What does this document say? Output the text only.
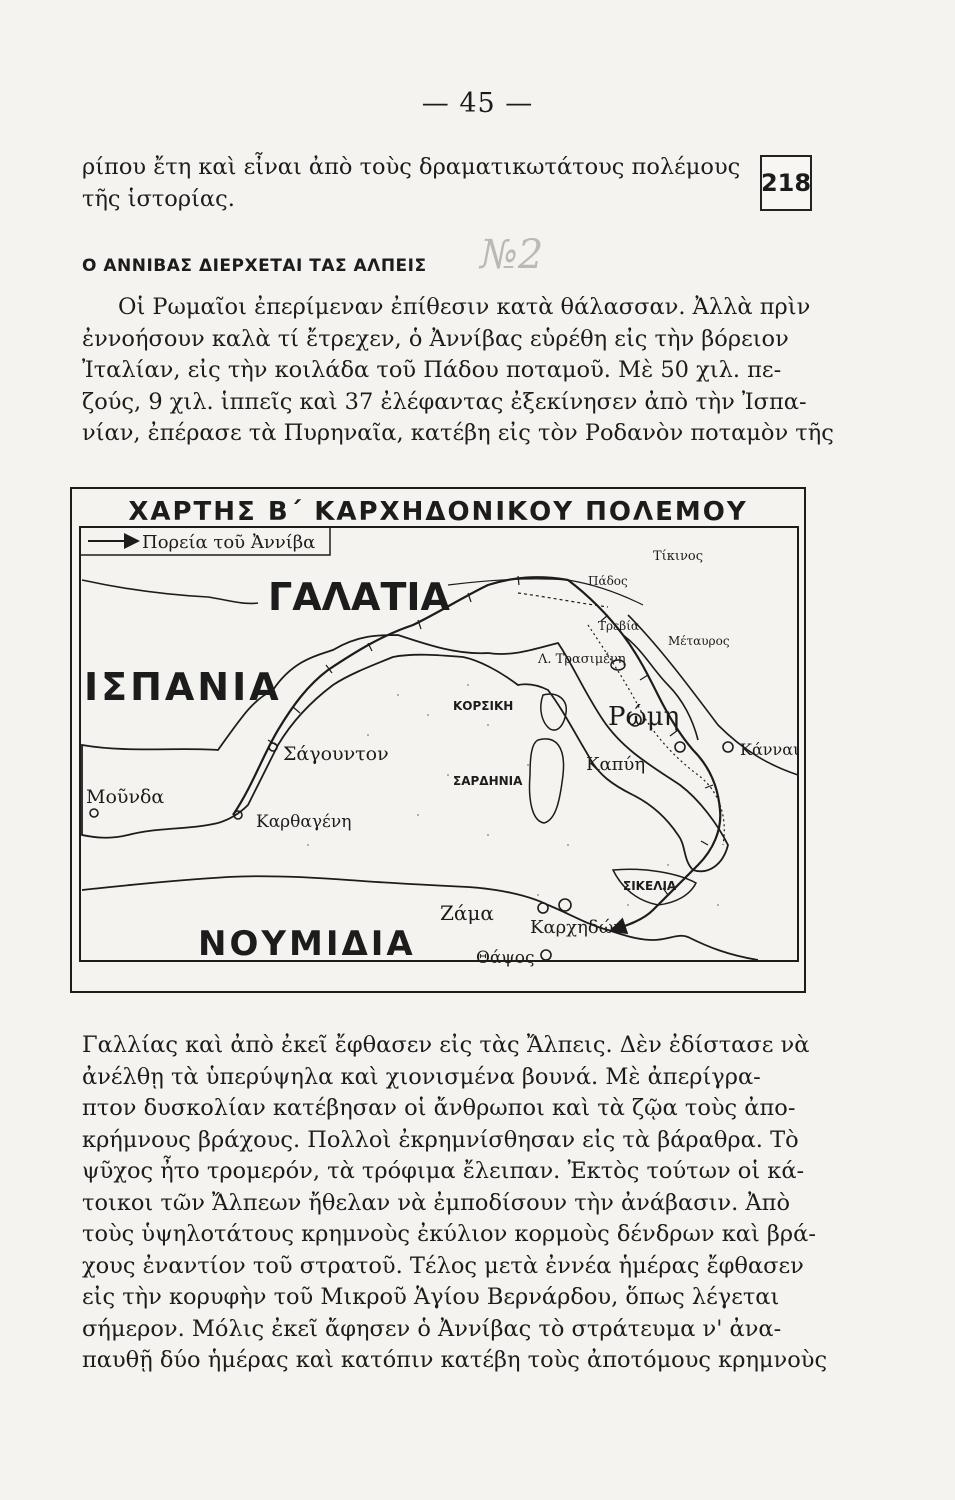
— 45 —
218
№2
ρίπου ἔτη καὶ εἶναι ἀπὸ τοὺς δραματικωτάτους πολέμους
τῆς ἱστορίας.
Ο ΑΝΝΙΒΑΣ ΔΙΕΡΧΕΤΑΙ ΤΑΣ ΑΛΠΕΙΣ
Οἱ Ρωμαῖοι ἐπερίμεναν ἐπίθεσιν κατὰ θάλασσαν. Ἀλλὰ πρὶν
ἐννοήσουν καλὰ τί ἔτρεχεν, ὁ Ἀννίβας εὑρέθη εἰς τὴν βόρειον
Ἰταλίαν, εἰς τὴν κοιλάδα τοῦ Πάδου ποταμοῦ. Μὲ 50 χιλ. πε-
ζούς, 9 χιλ. ἱππεῖς καὶ 37 ἐλέφαντας ἐξεκίνησεν ἀπὸ τὴν Ἰσπα-
νίαν, ἐπέρασε τὰ Πυρηναῖα, κατέβη εἰς τὸν Ροδανὸν ποταμὸν τῆς
ΧΑΡΤΗΣ Β΄ ΚΑΡΧΗΔΟΝΙΚΟΥ ΠΟΛΕΜΟΥ
Πορεία τοῦ Ἀννίβα
ΓΑΛΑΤΙΑ
ΙΣΠΑΝΙΑ
ΝΟΥΜΙΔΙΑ
ΚΟΡΣΙΚΗ
ΣΑΡΔΗΝΙΑ
ΣΙΚΕΛΙΑ
Τίκινος
Πάδος
Τρεβία
Μέταυρος
Λ. Τρασιμένη
Ρώμη
Καπύη
Κάνναι
Σάγουντον
Καρθαγένη
Μοῦνδα
Ζάμα
Καρχηδών
Θάψος
Γαλλίας καὶ ἀπὸ ἐκεῖ ἔφθασεν εἰς τὰς Ἄλπεις. Δὲν ἐδίστασε νὰ
ἀνέλθῃ τὰ ὑπερύψηλα καὶ χιονισμένα βουνά. Μὲ ἀπερίγρα-
πτον δυσκολίαν κατέβησαν οἱ ἄνθρωποι καὶ τὰ ζῷα τοὺς ἀπο-
κρήμνους βράχους. Πολλοὶ ἐκρημνίσθησαν εἰς τὰ βάραθρα. Τὸ
ψῦχος ἦτο τρομερόν, τὰ τρόφιμα ἔλειπαν. Ἐκτὸς τούτων οἱ κά-
τοικοι τῶν Ἄλπεων ἤθελαν νὰ ἐμποδίσουν τὴν ἀνάβασιν. Ἀπὸ
τοὺς ὑψηλοτάτους κρημνοὺς ἐκύλιον κορμοὺς δένδρων καὶ βρά-
χους ἐναντίον τοῦ στρατοῦ. Τέλος μετὰ ἐννέα ἡμέρας ἔφθασεν
εἰς τὴν κορυφὴν τοῦ Μικροῦ Ἁγίου Βερνάρδου, ὅπως λέγεται
σήμερον. Μόλις ἐκεῖ ἄφησεν ὁ Ἀννίβας τὸ στράτευμα ν' ἀνα-
παυθῇ δύο ἡμέρας καὶ κατόπιν κατέβη τοὺς ἀποτόμους κρημνοὺς
